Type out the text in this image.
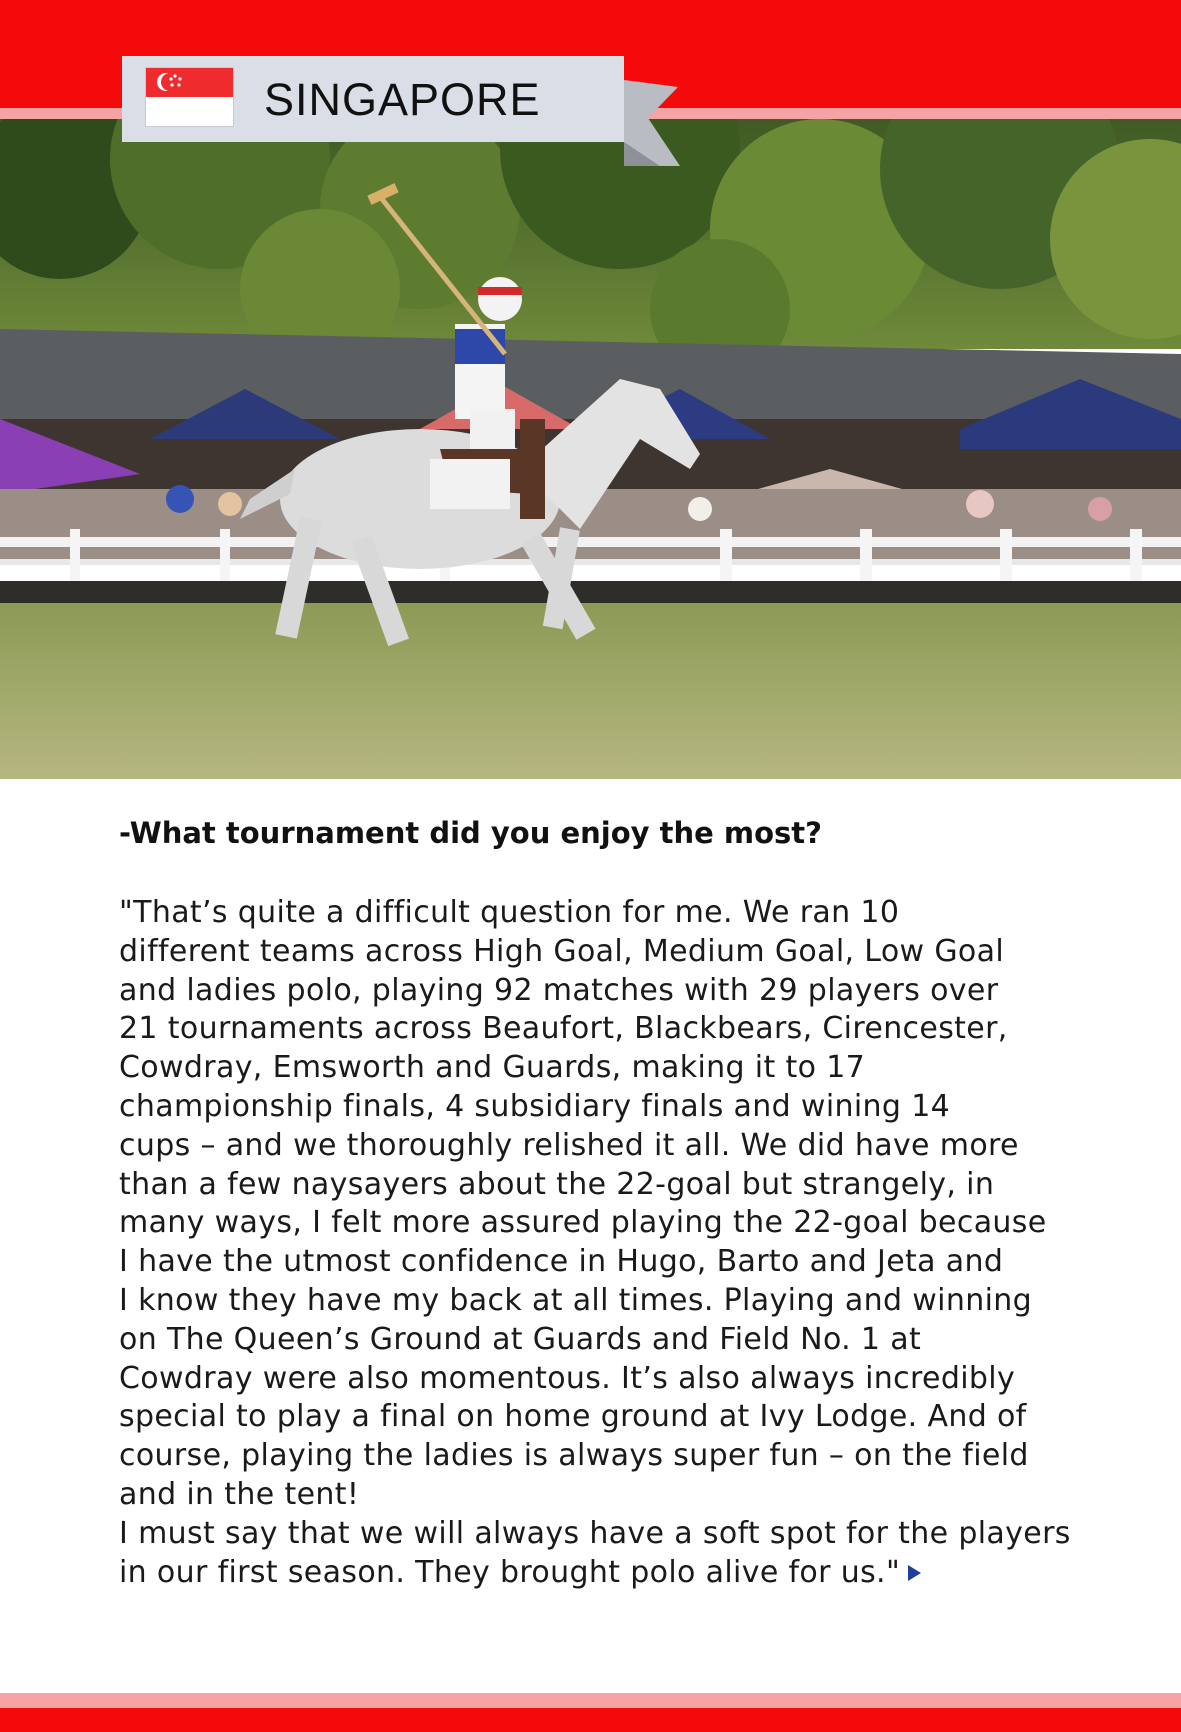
SINGAPORE
-What tournament did you enjoy the most?
"That’s quite a difficult question for me. We ran 10
different teams across High Goal, Medium Goal, Low Goal
and ladies polo, playing 92 matches with 29 players over
21 tournaments across Beaufort, Blackbears, Cirencester,
Cowdray, Emsworth and Guards, making it to 17
championship finals, 4 subsidiary finals and wining 14
cups – and we thoroughly relished it all. We did have more
than a few naysayers about the 22-goal but strangely, in
many ways, I felt more assured playing the 22-goal because
I have the utmost confidence in Hugo, Barto and Jeta and
I know they have my back at all times. Playing and winning
on The Queen’s Ground at Guards and Field No. 1 at
Cowdray were also momentous. It’s also always incredibly
special to play a final on home ground at Ivy Lodge. And of
course, playing the ladies is always super fun – on the field
and in the tent!
I must say that we will always have a soft spot for the players
in our first season. They brought polo alive for us."
